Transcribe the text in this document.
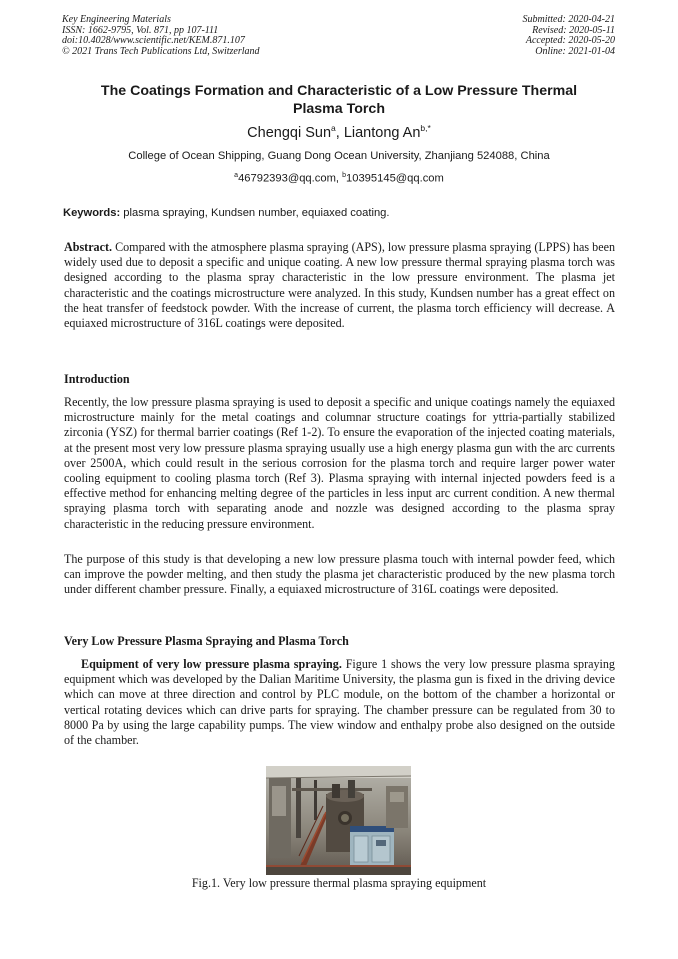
Key Engineering Materials
ISSN: 1662-9795, Vol. 871, pp 107-111
doi:10.4028/www.scientific.net/KEM.871.107
© 2021 Trans Tech Publications Ltd, Switzerland
Submitted: 2020-04-21
Revised: 2020-05-11
Accepted: 2020-05-20
Online: 2021-01-04
The Coatings Formation and Characteristic of a Low Pressure Thermal
Plasma Torch
Chengqi Sun$^a$, Liantong $An^{b,*}$
College of Ocean Shipping, Guang Dong Ocean University, Zhanjiang 524088, China
$^a$46792393@qq.com, $^b$10395145@qq.com
Keywords: plasma spraying, Kundsen number, equiaxed coating.

Abstract. Compared with the atmosphere plasma spraying (APS), low pressure plasma spraying (LPPS) has been widely used due to deposit a specific and unique coating. A new low pressure thermal spraying plasma torch was designed according to the plasma spray characteristic in the low pressure environment. The plasma jet characteristic and the coatings microstructure were analyzed. In this study, Kundsen number has a great effect on the heat transfer of feedstock powder. With the increase of current, the plasma torch efficiency will decrease. A equiaxed microstructure of 316L coatings were deposited.

Introduction

Recently, the low pressure plasma spraying is used to deposit a specific and unique coatings namely the equiaxed microstructure mainly for the metal coatings and columnar structure coatings for yttria-partially stabilized zirconia (YSZ) for thermal barrier coatings (Ref 1-2). To ensure the evaporation of the injected coating materials, at the present most very low pressure plasma spraying usually use a high energy plasma gun with the arc currents over 2500A, which could result in the serious corrosion for the plasma torch and require larger power water cooling equipment to cooling plasma torch (Ref 3). Plasma spraying with internal injected powders feed is a effective method for enhancing melting degree of the particles in less input arc current condition. A new thermal spraying plasma torch with separating anode and nozzle was designed according to the plasma spray characteristic in the reducing pressure environment.

The purpose of this study is that developing a new low pressure plasma touch with internal powder feed, which can improve the powder melting, and then study the plasma jet characteristic produced by the new plasma torch under different chamber pressure. Finally, a equiaxed microstructure of 316L coatings were deposited.

Very Low Pressure Plasma Spraying and Plasma Torch

Equipment of very low pressure plasma spraying. Figure 1 shows the very low pressure plasma spraying equipment which was developed by the Dalian Maritime University, the plasma gun is fixed in the driving device which can move at three direction and control by PLC module, on the bottom of the chamber a horizontal or vertical rotating devices which can drive parts for spraying. The chamber pressure can be regulated from 30 to 8000 Pa by using the large capability pumps. The view window and enthalpy probe also designed on the outside of the chamber.

Fig.1. Very low pressure thermal plasma spraying equipment
